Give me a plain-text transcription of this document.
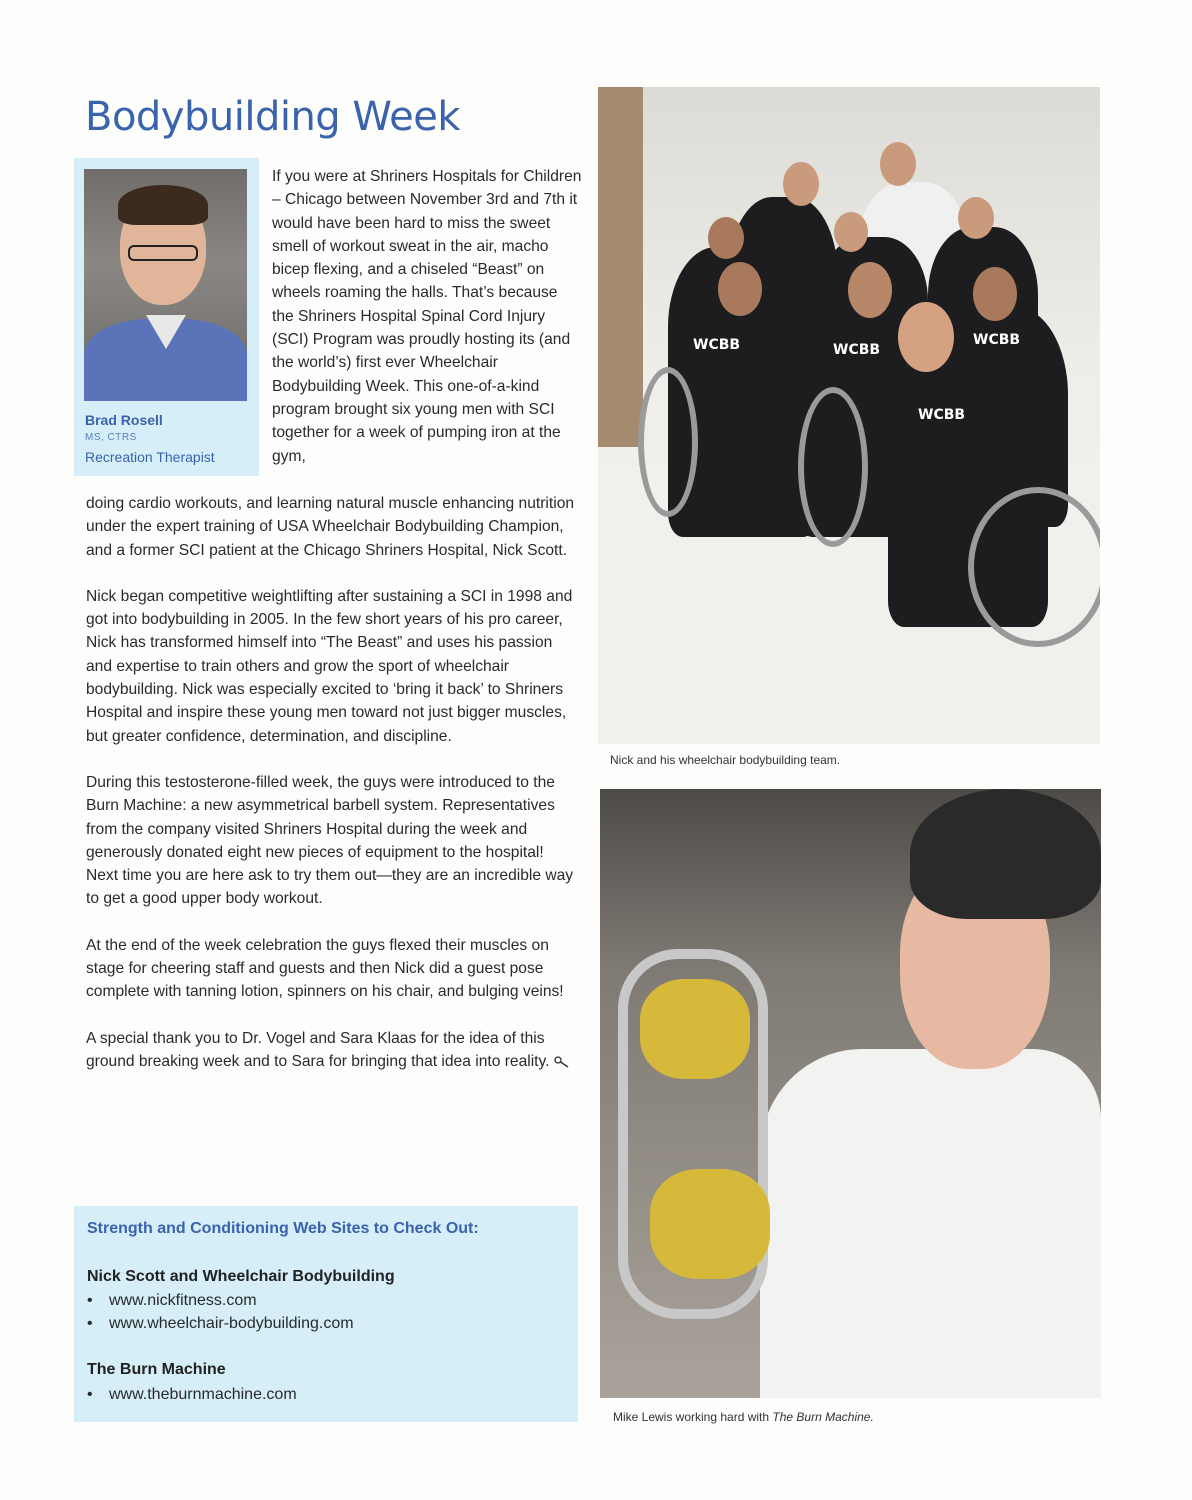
Bodybuilding Week
Brad Rosell
MS, CTRS
Recreation Therapist

If you were at Shriners Hospitals for Children – Chicago between November 3rd and 7th it would have been hard to miss the sweet smell of workout sweat in the air, macho bicep flexing, and a chiseled “Beast” on wheels roaming the halls. That’s because the Shriners Hospital Spinal Cord Injury (SCI) Program was proudly hosting its (and the world’s) first ever Wheelchair Bodybuilding Week. This one-of-a-kind program brought six young men with SCI together for a week of pumping iron at the gym,

doing cardio workouts, and learning natural muscle enhancing nutrition under the expert training of USA Wheelchair Bodybuilding Champion, and a former SCI patient at the Chicago Shriners Hospital, Nick Scott.

Nick began competitive weightlifting after sustaining a SCI in 1998 and got into bodybuilding in 2005. In the few short years of his pro career, Nick has transformed himself into “The Beast” and uses his passion and expertise to train others and grow the sport of wheelchair bodybuilding. Nick was especially excited to ‘bring it back’ to Shriners Hospital and inspire these young men toward not just bigger muscles, but greater confidence, determination, and discipline.

During this testosterone-filled week, the guys were introduced to the Burn Machine: a new asymmetrical barbell system. Representatives from the company visited Shriners Hospital during the week and generously donated eight new pieces of equipment to the hospital! Next time you are here ask to try them out—they are an incredible way to get a good upper body workout.

At the end of the week celebration the guys flexed their muscles on stage for cheering staff and guests and then Nick did a guest pose complete with tanning lotion, spinners on his chair, and bulging veins!

A special thank you to Dr. Vogel and Sara Klaas for the idea of this ground breaking week and to Sara for bringing that idea into reality.

Strength and Conditioning Web Sites to Check Out:
Nick Scott and Wheelchair Bodybuilding
• www.nickfitness.com
• www.wheelchair-bodybuilding.com
The Burn Machine
• www.theburnmachine.com
WCBB	WCBB
WCBB
WCBB
Nick and his wheelchair bodybuilding team.
Mike Lewis working hard with The Burn Machine.
